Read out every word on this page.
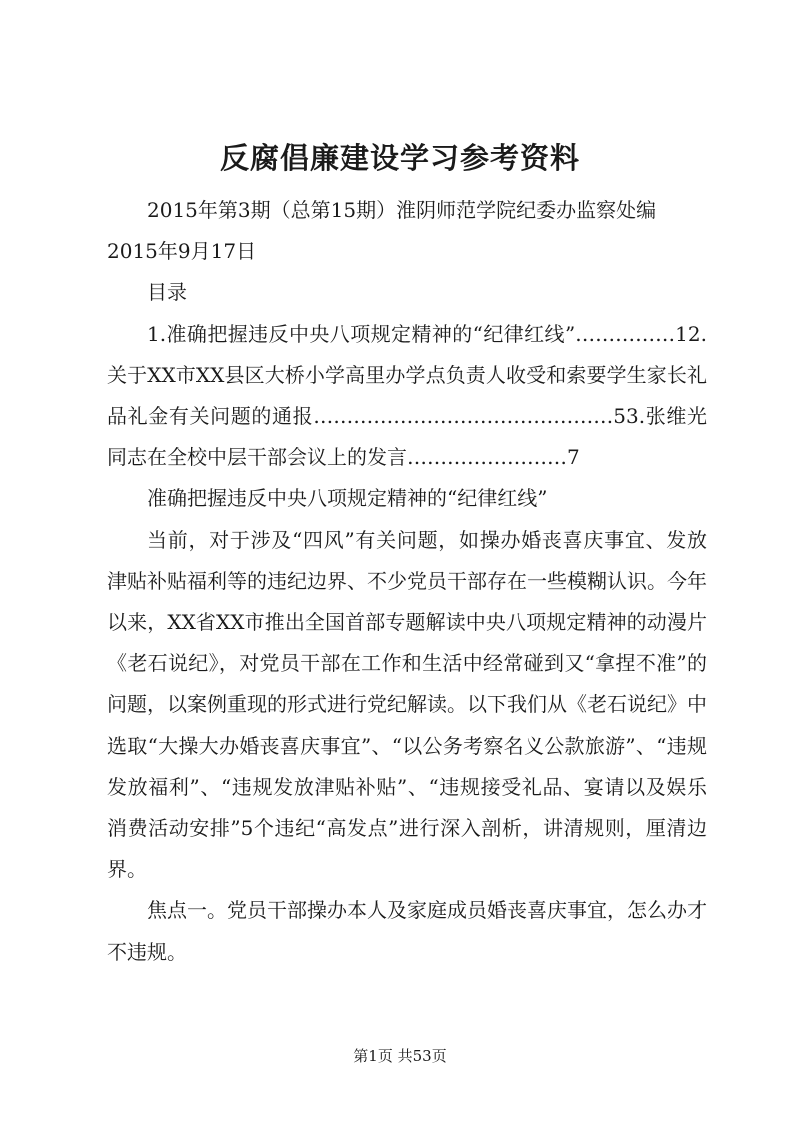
反腐倡廉建设学习参考资料

2015年第3期（总第15期）淮阴师范学院纪委办监察处编
2015年9月17日

目录

1.准确把握违反中央八项规定精神的“纪律红线”……………12.关于XX市XX县区大桥小学高里办学点负责人收受和索要学生家长礼品礼金有关问题的通报………………………………………53.张维光同志在全校中层干部会议上的发言……………………7

准确把握违反中央八项规定精神的“纪律红线”

当前，对于涉及“四风”有关问题，如操办婚丧喜庆事宜、发放津贴补贴福利等的违纪边界、不少党员干部存在一些模糊认识。今年以来，XX省XX市推出全国首部专题解读中央八项规定精神的动漫片《老石说纪》，对党员干部在工作和生活中经常碰到又“拿捏不准”的问题，以案例重现的形式进行党纪解读。以下我们从《老石说纪》中选取“大操大办婚丧喜庆事宜”、“以公务考察名义公款旅游”、“违规发放福利”、“违规发放津贴补贴”、“违规接受礼品、宴请以及娱乐消费活动安排”5个违纪“高发点”进行深入剖析，讲清规则，厘清边界。

焦点一。党员干部操办本人及家庭成员婚丧喜庆事宜，怎么办才不违规。

第1页 共53页
